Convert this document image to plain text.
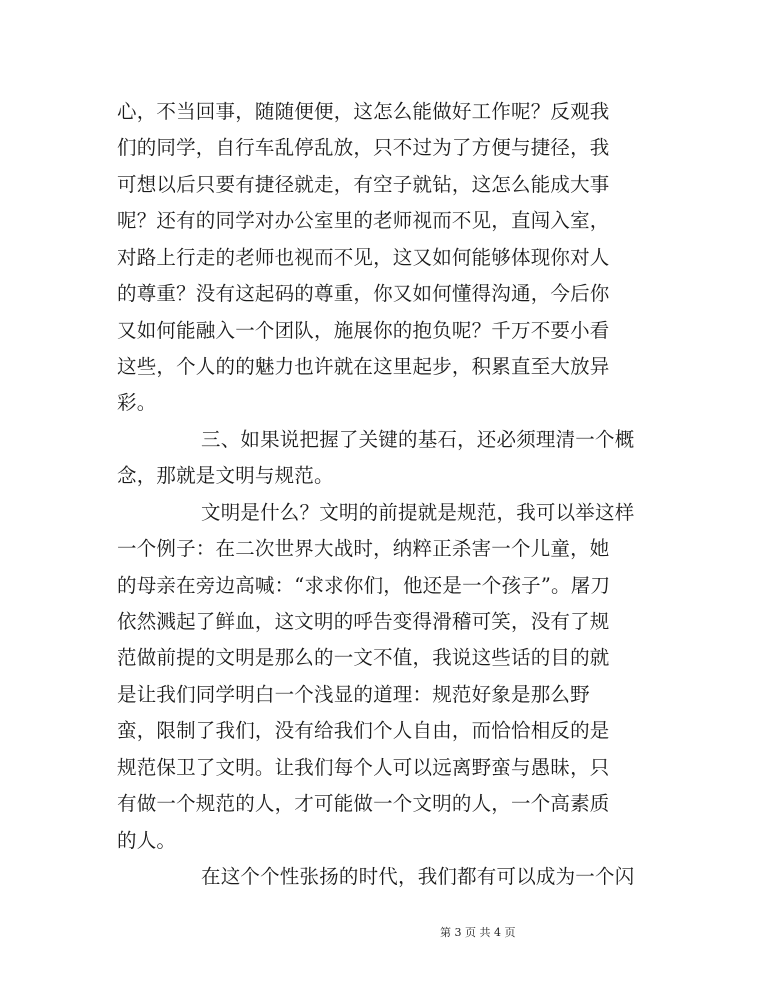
心，不当回事，随随便便，这怎么能做好工作呢？反观我
们的同学，自行车乱停乱放，只不过为了方便与捷径，我
可想以后只要有捷径就走，有空子就钻，这怎么能成大事
呢？还有的同学对办公室里的老师视而不见，直闯入室，
对路上行走的老师也视而不见，这又如何能够体现你对人
的尊重？没有这起码的尊重，你又如何懂得沟通，今后你
又如何能融入一个团队，施展你的抱负呢？千万不要小看
这些，个人的的魅力也许就在这里起步，积累直至大放异
彩。
三、如果说把握了关键的基石，还必须理清一个概
念，那就是文明与规范。
文明是什么？文明的前提就是规范，我可以举这样
一个例子：在二次世界大战时，纳粹正杀害一个儿童，她
的母亲在旁边高喊：“求求你们，他还是一个孩子”。屠刀
依然溅起了鲜血，这文明的呼告变得滑稽可笑，没有了规
范做前提的文明是那么的一文不值，我说这些话的目的就
是让我们同学明白一个浅显的道理：规范好象是那么野
蛮，限制了我们，没有给我们个人自由，而恰恰相反的是
规范保卫了文明。让我们每个人可以远离野蛮与愚昧，只
有做一个规范的人，才可能做一个文明的人，一个高素质
的人。
在这个个性张扬的时代，我们都有可以成为一个闪
第 3 页 共 4 页
